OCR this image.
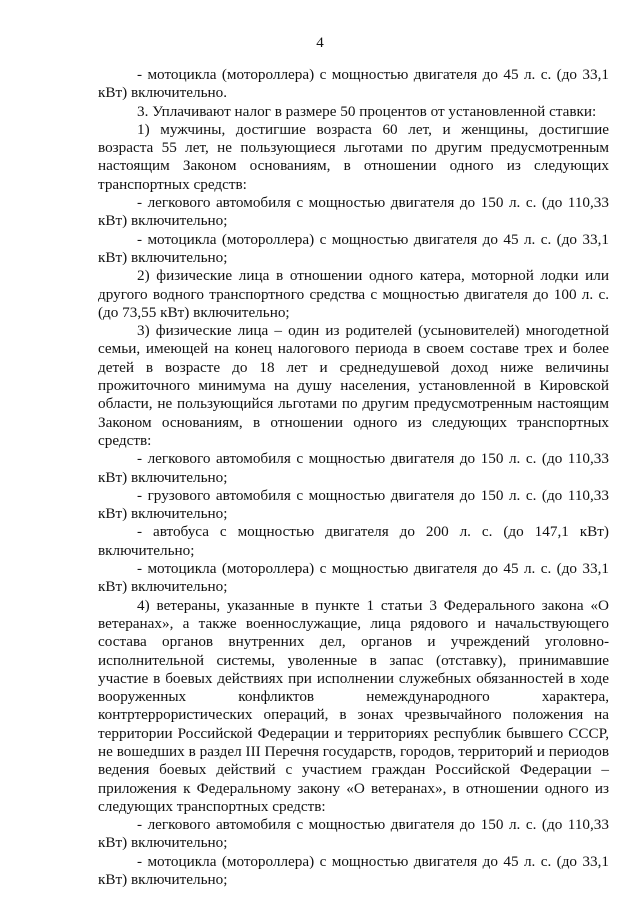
4

- мотоцикла (мотороллера) с мощностью двигателя до 45 л. с. (до 33,1 кВт) включительно.

3. Уплачивают налог в размере 50 процентов от установленной ставки:

1) мужчины, достигшие возраста 60 лет, и женщины, достигшие возраста 55 лет, не пользующиеся льготами по другим предусмотренным настоящим Законом основаниям, в отношении одного из следующих транспортных средств:

- легкового автомобиля с мощностью двигателя до 150 л. с. (до 110,33 кВт) включительно;

- мотоцикла (мотороллера) с мощностью двигателя до 45 л. с. (до 33,1 кВт) включительно;

2) физические лица в отношении одного катера, моторной лодки или другого водного транспортного средства с мощностью двигателя до 100 л. с. (до 73,55 кВт) включительно;

3) физические лица – один из родителей (усыновителей) многодетной семьи, имеющей на конец налогового периода в своем составе трех и более детей в возрасте до 18 лет и среднедушевой доход ниже величины прожиточного минимума на душу населения, установленной в Кировской области, не пользующийся льготами по другим предусмотренным настоящим Законом основаниям, в отношении одного из следующих транспортных средств:

- легкового автомобиля с мощностью двигателя до 150 л. с. (до 110,33 кВт) включительно;

- грузового автомобиля с мощностью двигателя до 150 л. с. (до 110,33 кВт) включительно;

- автобуса с мощностью двигателя до 200 л. с. (до 147,1 кВт) включительно;

- мотоцикла (мотороллера) с мощностью двигателя до 45 л. с. (до 33,1 кВт) включительно;

4) ветераны, указанные в пункте 1 статьи 3 Федерального закона «О ветеранах», а также военнослужащие, лица рядового и начальствующего состава органов внутренних дел, органов и учреждений уголовно-исполнительной системы, уволенные в запас (отставку), принимавшие участие в боевых действиях при исполнении служебных обязанностей в ходе вооруженных конфликтов немеждународного характера, контртеррористических операций, в зонах чрезвычайного положения на территории Российской Федерации и территориях республик бывшего СССР, не вошедших в раздел III Перечня государств, городов, территорий и периодов ведения боевых действий с участием граждан Российской Федерации – приложения к Федеральному закону «О ветеранах», в отношении одного из следующих транспортных средств:

- легкового автомобиля с мощностью двигателя до 150 л. с. (до 110,33 кВт) включительно;

- мотоцикла (мотороллера) с мощностью двигателя до 45 л. с. (до 33,1 кВт) включительно;
